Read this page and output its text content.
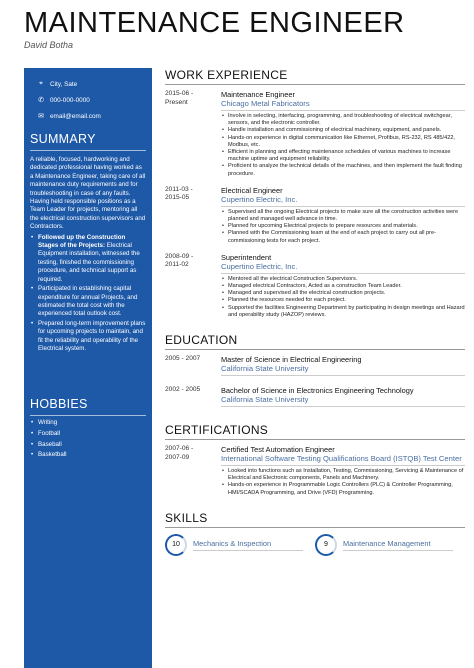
MAINTENANCE ENGINEER
David Botha
⌖	City, Sate
✆ 000-000-0000
✉ email@email.com
SUMMARY
A reliable, focused, hardworking and dedicated professional having worked as a Maintenance Engineer, taking care of all maintenance duty requirements and for troubleshooting in case of any faults. Having held responsible positions as a Team Leader for projects, mentoring all the electrical construction supervisors and Contractors.
• Followed up the Construction Stages of the Projects: Electrical Equipment installation, witnessed the testing, finished the commissioning procedure, and technical support as required.
• Participated in establishing capital expenditure for annual Projects, and estimated the total cost with the experienced total outlook cost.
• Prepared long-term improvement plans for upcoming projects to maintain, and fit the reliability and operability of the Electrical system.
HOBBIES
• Writing
• Football
• Baseball
• Basketball
WORK EXPERIENCE
2015-06 -
Present
Maintenance Engineer
Chicago Metal Fabricators
• Involve in selecting, interfacing, programming, and troubleshooting of electrical switchgear, sensors, and the electronic controller.
• Handle installation and commissioning of electrical machinery, equipment, and panels.
• Hands-on experience in digital communication like Ethernet, Profibus, RS-232, RS 485/422, Modbus, etc.
• Efficient in planning and effecting maintenance schedules of various machines to increase machine uptime and equipment reliability.
• Proficient to analyze the technical details of the machines, and then implement the fault finding procedure.
2011-03 -
2015-05
Electrical Engineer
Cupertino Electric, Inc.
• Supervised all the ongoing Electrical projects to make sure all the construction activities were planned and managed well advance in time.
• Planned for upcoming Electrical projects to prepare resources and materials.
• Planned with the Commissioning team at the end of each project to carry out all pre-commissioning tests for each project.
2008-09 -
2011-02
Superintendent
Cupertino Electric, Inc.
• Mentored all the electrical Construction Supervisors.
• Managed electrical Contractors, Acted as a construction Team Leader.
• Managed and supervised all the electrical construction projects.
• Planned the resources needed for each project.
• Supported the facilities Engineering Department by participating in design meetings and Hazard and operability study (HAZOP) reviews.
EDUCATION
2005 - 2007	Master of Science in Electrical Engineering
California State University
2002 - 2005	Bachelor of Science in Electronics Engineering Technology
California State University
CERTIFICATIONS
2007-06 -
2007-09
Certified Test Automation Engineer
International Software Testing Qualifications Board (ISTQB) Test Center
• Looked into functions such as Installation, Testing, Commissioning, Servicing & Maintenance of Electrical and Electronic components, Panels and Machinery.
• Hands-on experience in Programmable Logic Controllers (PLC) & Controller Programming, HMI/SCADA Programming, and Drive (VFD) Programming.
SKILLS
10 Mechanics & Inspection	9 Maintenance Management
